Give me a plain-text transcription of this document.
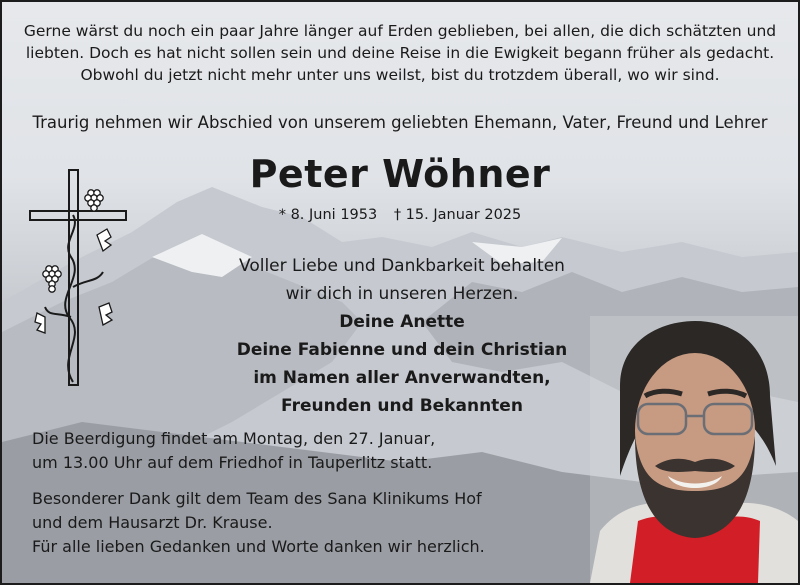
Gerne wärst du noch ein paar Jahre länger auf Erden geblieben, bei allen, die dich schätzten und
liebten. Doch es hat nicht sollen sein und deine Reise in die Ewigkeit begann früher als gedacht.
Obwohl du jetzt nicht mehr unter uns weilst, bist du trotzdem überall, wo wir sind.
Traurig nehmen wir Abschied von unserem geliebten Ehemann, Vater, Freund und Lehrer
Peter Wöhner
* 8. Juni 1953 † 15. Januar 2025
Voller Liebe und Dankbarkeit behalten
wir dich in unseren Herzen.
Deine Anette
Deine Fabienne und dein Christian
im Namen aller Anverwandten,
Freunden und Bekannten
Die Beerdigung findet am Montag, den 27. Januar,
um 13.00 Uhr auf dem Friedhof in Tauperlitz statt.
Besonderer Dank gilt dem Team des Sana Klinikums Hof
und dem Hausarzt Dr. Krause.
Für alle lieben Gedanken und Worte danken wir herzlich.
